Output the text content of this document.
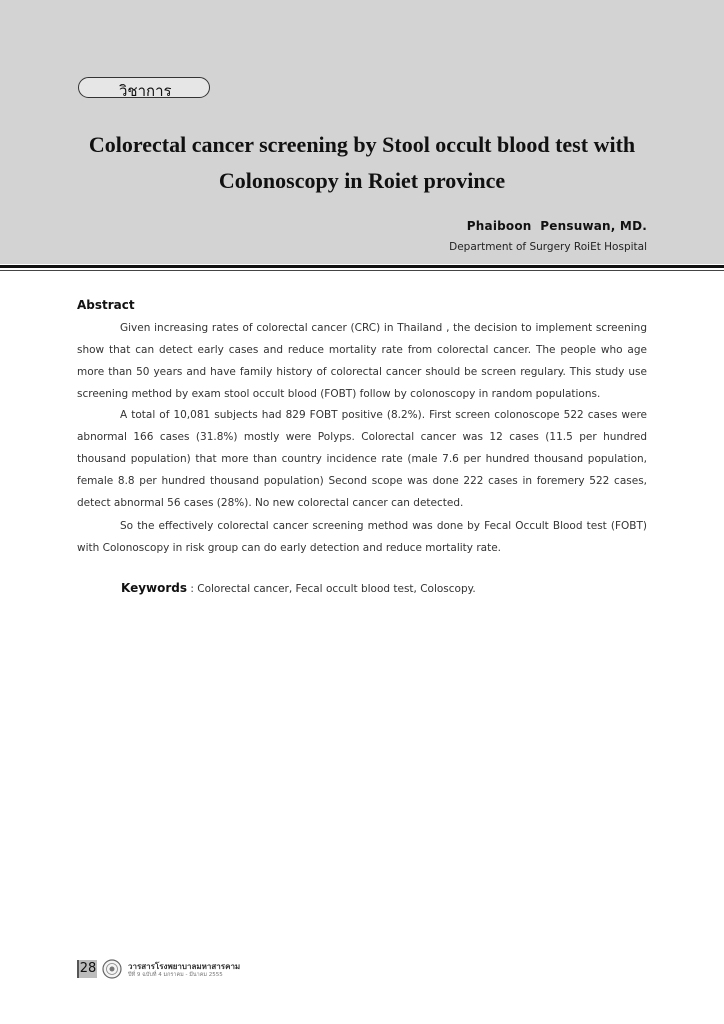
วิชาการ
Colorectal cancer screening by Stool occult blood test with
Colonoscopy in Roiet province
Phaiboon  Pensuwan, MD.
Department of Surgery RoiEt Hospital
Abstract

Given increasing rates of colorectal cancer (CRC) in Thailand , the decision to implement screening show that can detect early cases and reduce mortality rate from colorectal cancer. The people who age more than 50 years and have family history of colorectal cancer should be screen regulary. This study use screening method by exam stool occult blood (FOBT) follow by colonoscopy in random populations.

A total of 10,081 subjects had 829 FOBT positive (8.2%). First screen colonoscope 522 cases were abnormal 166 cases (31.8%) mostly were Polyps. Colorectal cancer was 12 cases (11.5 per hundred thousand population) that more than country incidence rate (male 7.6 per hundred thousand population, female 8.8 per hundred thousand population) Second scope was done 222 cases in foremery 522 cases, detect abnormal 56 cases (28%). No new colorectal cancer can detected.

So the effectively colorectal cancer screening method was done by Fecal Occult Blood test (FOBT) with Colonoscopy in risk group can do early detection and reduce mortality rate.

Keywords : Colorectal cancer, Fecal occult blood test, Coloscopy.
28	วารสารโรงพยาบาลมหาสารคาม
ปีที่ 9 ฉบับที่ 4 มกราคม - มีนาคม 2555
